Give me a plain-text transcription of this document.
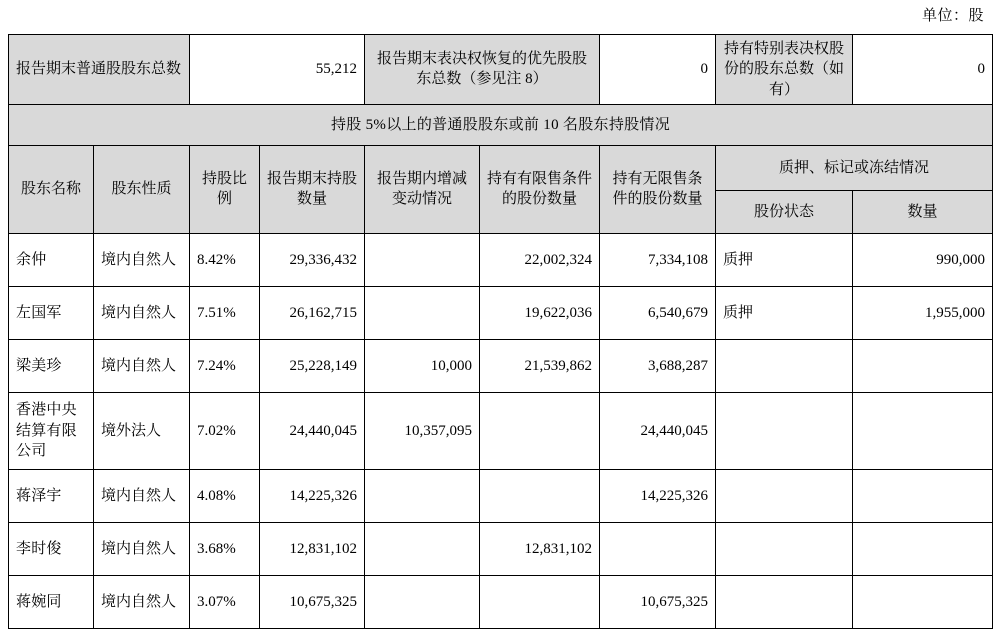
单位：股
报告期末普通股股东总数		55,212		报告期末表决权恢复的优先股股东总数（参见注 8）		0	持有特别表决权股份的股东总数（如有）	0
持股 5%以上的普通股股东或前 10 名股东持股情况								
股东名称	股东性质	持股比例	报告期末持股数量	报告期内增减变动情况	持有有限售条件的股份数量	持有无限售条件的股份数量	质押、标记或冻结情况	
							股份状态	数量
余仲	境内自然人	8.42%	29,336,432		22,002,324	7,334,108	质押	990,000
左国军	境内自然人	7.51%	26,162,715		19,622,036	6,540,679	质押	1,955,000
梁美珍	境内自然人	7.24%	25,228,149	10,000	21,539,862	3,688,287		
香港中央结算有限公司	境外法人	7.02%	24,440,045	10,357,095		24,440,045		
蒋泽宇	境内自然人	4.08%	14,225,326			14,225,326		
李时俊	境内自然人	3.68%	12,831,102		12,831,102			
蒋婉同	境内自然人	3.07%	10,675,325			10,675,325		
